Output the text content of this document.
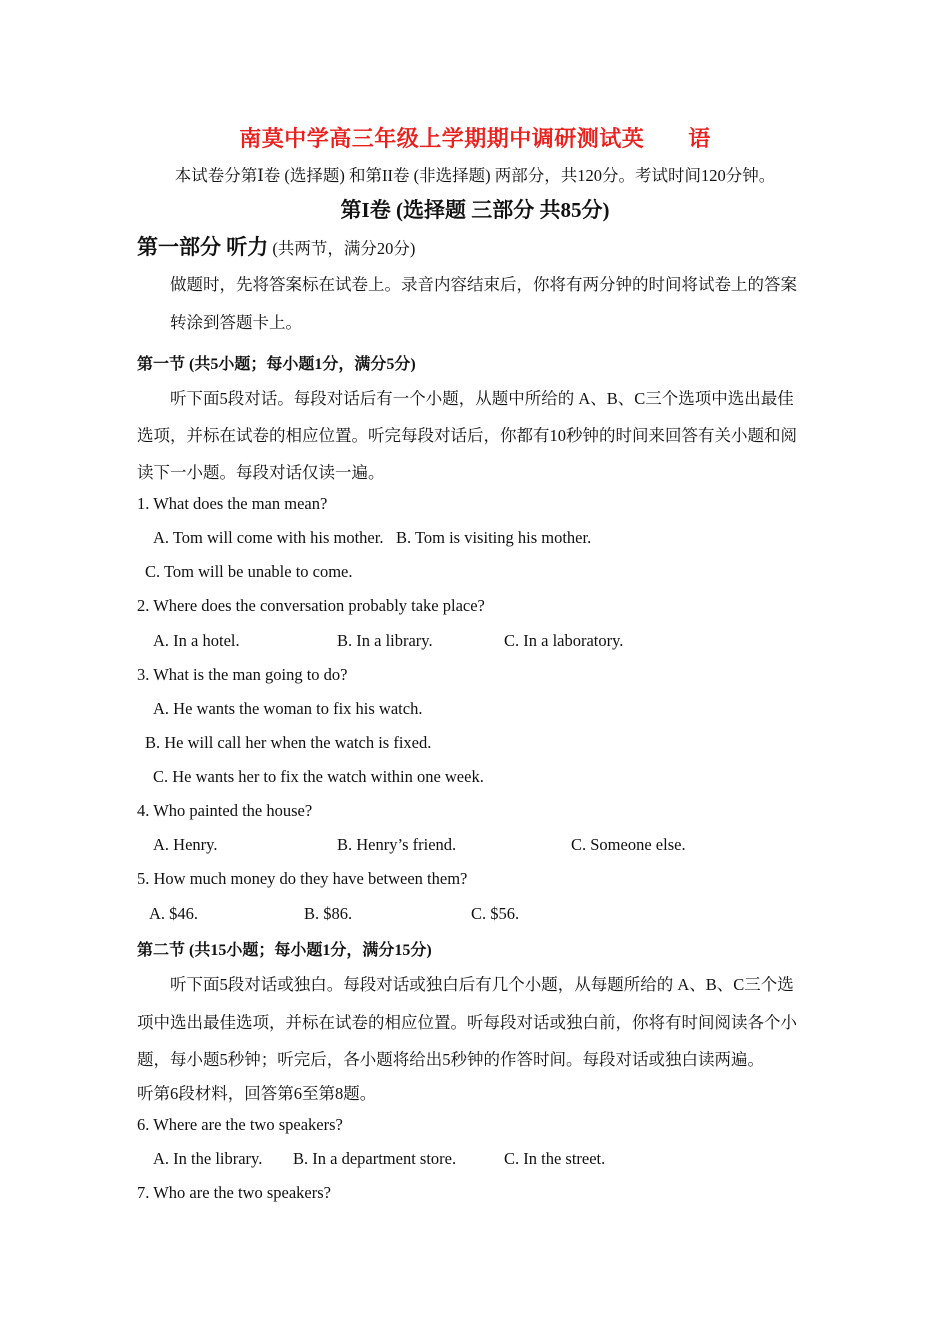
南莫中学高三年级上学期期中调研测试英 语
本试卷分第Ⅰ卷 (选择题) 和第II卷 (非选择题) 两部分，共120分。考试时间120分钟。
第I卷 (选择题 三部分 共85分)
第一部分 听力 (共两节，满分20分)
做题时，先将答案标在试卷上。录音内容结束后，你将有两分钟的时间将试卷上的答案
转涂到答题卡上。
第一节 (共5小题；每小题1分，满分5分)
听下面5段对话。每段对话后有一个小题，从题中所给的 A、B、C三个选项中选出最佳
选项，并标在试卷的相应位置。听完每段对话后，你都有10秒钟的时间来回答有关小题和阅
读下一小题。每段对话仅读一遍。
1. What does the man mean?
A. Tom will come with his mother. B. Tom is visiting his mother.
C. Tom will be unable to come.
2. Where does the conversation probably take place?
A. In a hotel.	B. In a library.	C. In a laboratory.
3. What is the man going to do?
A. He wants the woman to fix his watch.
B. He will call her when the watch is fixed.
C. He wants her to fix the watch within one week.
4. Who painted the house?
A. Henry.	B. Henry’s friend.	C. Someone else.
5. How much money do they have between them?
A. $46.	B. $86.	C. $56.
第二节 (共15小题；每小题1分，满分15分)
听下面5段对话或独白。每段对话或独白后有几个小题，从每题所给的 A、B、C三个选
项中选出最佳选项，并标在试卷的相应位置。听每段对话或独白前，你将有时间阅读各个小
题，每小题5秒钟；听完后，各小题将给出5秒钟的作答时间。每段对话或独白读两遍。
听第6段材料，回答第6至第8题。
6. Where are the two speakers?
A. In the library. B. In a department store.	C. In the street.
7. Who are the two speakers?
